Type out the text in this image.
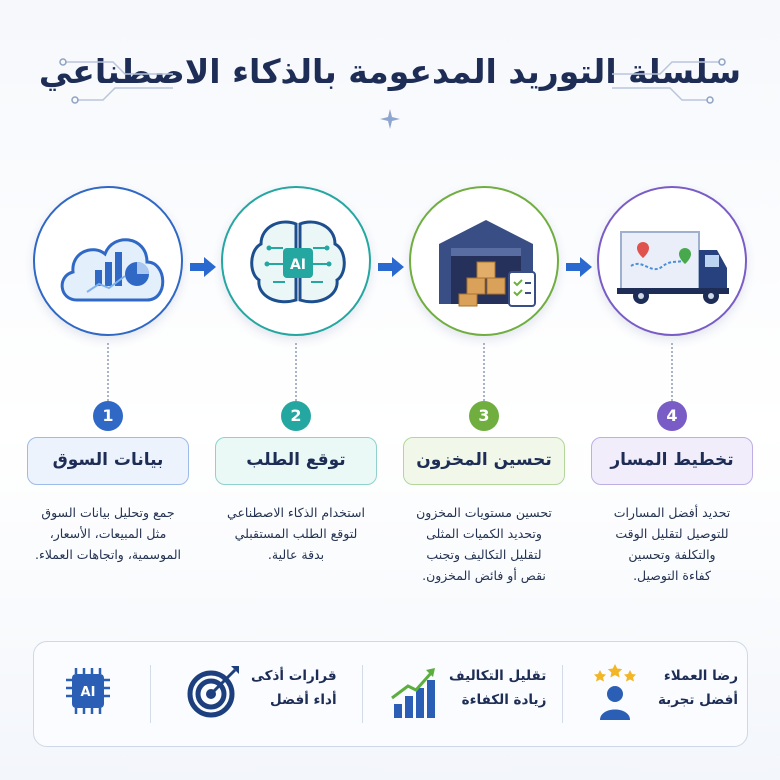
سلسلة التوريد المدعومة بالذكاء الاصطناعي
AI
1	2	3	4
بيانات السوق	توقع الطلب	تحسين المخزون	تخطيط المسار
جمع وتحليل بيانات السوق
مثل المبيعات، الأسعار،
الموسمية، واتجاهات العملاء.
استخدام الذكاء الاصطناعي
لتوقع الطلب المستقبلي
بدقة عالية.
تحسين مستويات المخزون
وتحديد الكميات المثلى
لتقليل التكاليف وتجنب
نقص أو فائض المخزون.
تحديد أفضل المسارات
للتوصيل لتقليل الوقت
والتكلفة وتحسين
كفاءة التوصيل.
رضا العملاء
أفضل تجربة
تقليل التكاليف
زيادة الكفاءة
قرارات أذكى
أداء أفضل
AI
